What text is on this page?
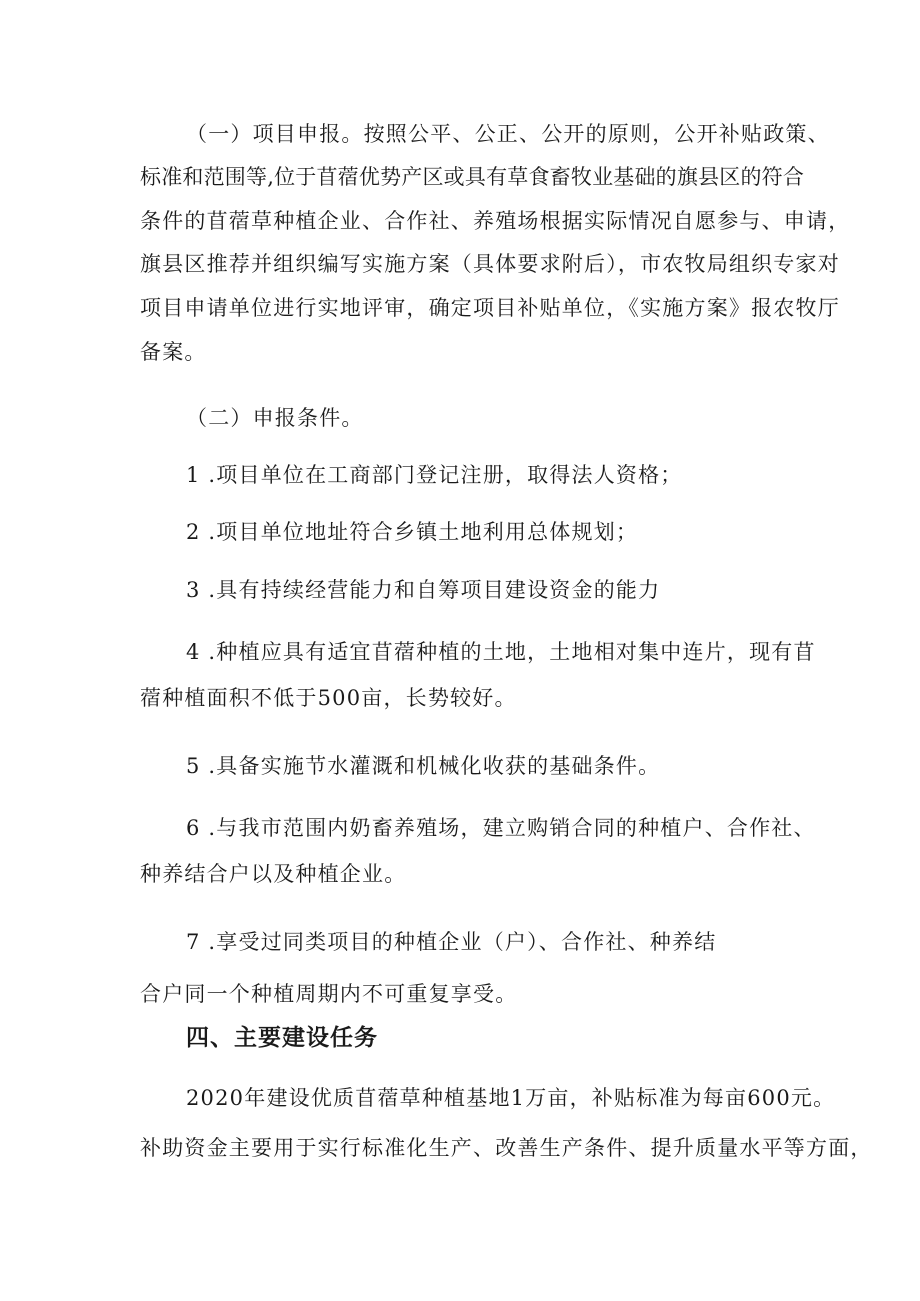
（一）项目申报。按照公平、公正、公开的原则，公开补贴政策、
标准和范围等,位于苜蓿优势产区或具有草食畜牧业基础的旗县区的符合
条件的苜蓿草种植企业、合作社、养殖场根据实际情况自愿参与、申请，
旗县区推荐并组织编写实施方案（具体要求附后），市农牧局组织专家对
项目申请单位进行实地评审，确定项目补贴单位，《实施方案》报农牧厅
备案。
（二）申报条件。
1 .项目单位在工商部门登记注册，取得法人资格；
2 .项目单位地址符合乡镇土地利用总体规划；
3 .具有持续经营能力和自筹项目建设资金的能力
4 .种植应具有适宜苜蓿种植的土地，土地相对集中连片，现有苜
蓿种植面积不低于500亩，长势较好。
5 .具备实施节水灌溉和机械化收获的基础条件。
6 .与我市范围内奶畜养殖场，建立购销合同的种植户、合作社、
种养结合户以及种植企业。
7 .享受过同类项目的种植企业（户）、合作社、种养结
合户同一个种植周期内不可重复享受。
四、主要建设任务
2020年建设优质苜蓿草种植基地1万亩，补贴标准为每亩600元。
补助资金主要用于实行标准化生产、改善生产条件、提升质量水平等方面，
